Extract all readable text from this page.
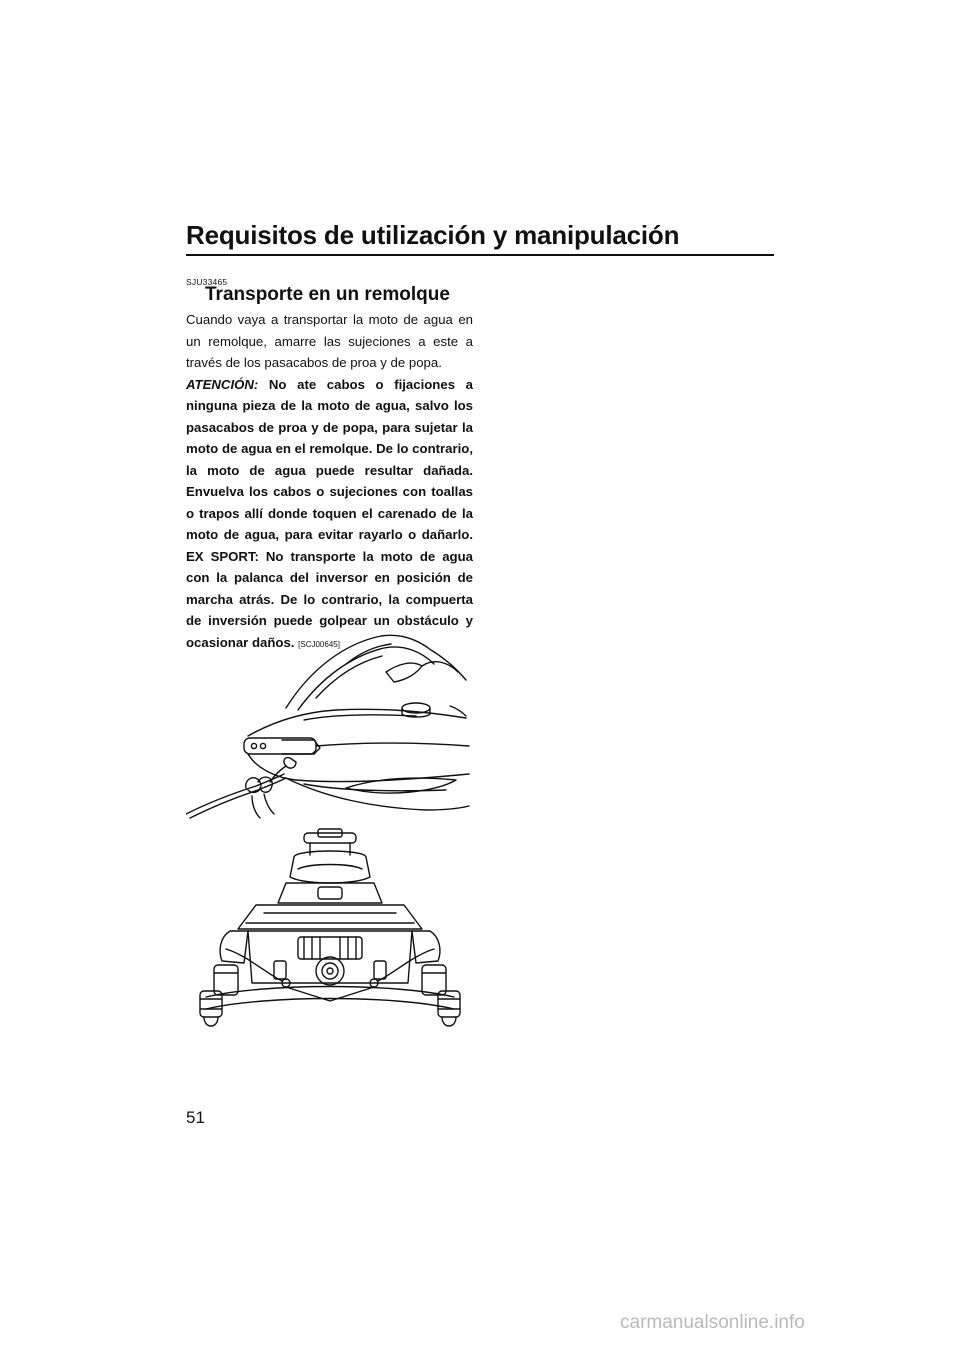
Requisitos de utilización y manipulación
SJU33465
Transporte en un remolque

Cuando vaya a transportar la moto de agua en un remolque, amarre las sujeciones a este a través de los pasacabos de proa y de popa.

ATENCIÓN: No ate cabos o fijaciones a ninguna pieza de la moto de agua, salvo los pasacabos de proa y de popa, para sujetar la moto de agua en el remolque. De lo contrario, la moto de agua puede resultar dañada. Envuelva los cabos o sujeciones con toallas o trapos allí donde toquen el carenado de la moto de agua, para evitar rayarlo o dañarlo. EX SPORT: No transporte la moto de agua con la palanca del inversor en posición de marcha atrás. De lo contrario, la compuerta de inversión puede golpear un obstáculo y ocasionar daños. [SCJ00645]

51
carmanualsonline.info
